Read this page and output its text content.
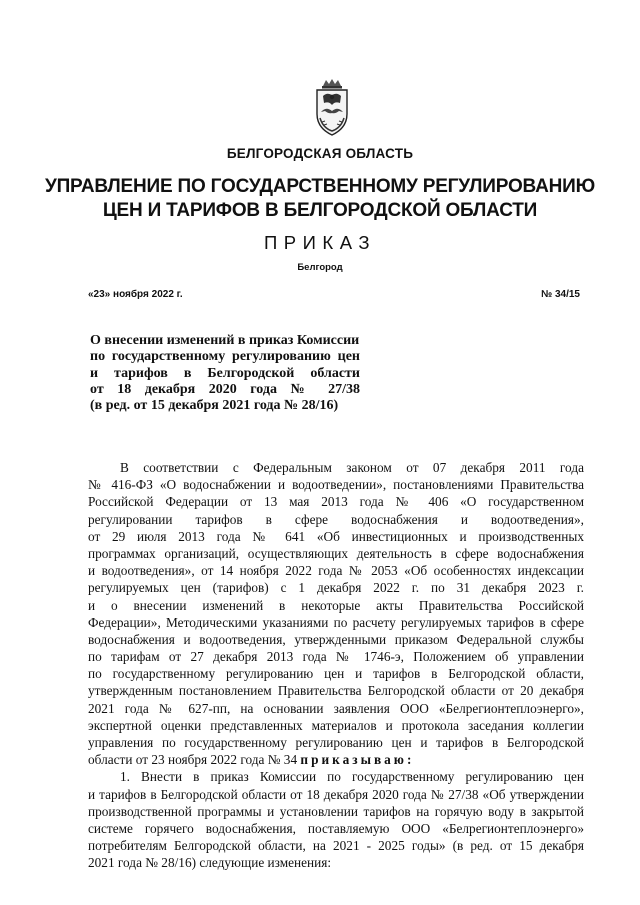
БЕЛГОРОДСКАЯ ОБЛАСТЬ
УПРАВЛЕНИЕ ПО ГОСУДАРСТВЕННОМУ РЕГУЛИРОВАНИЮ
ЦЕН И ТАРИФОВ В БЕЛГОРОДСКОЙ ОБЛАСТИ
ПРИКАЗ
Белгород
«23» ноября 2022 г.	№ 34/15
О внесении изменений в приказ Комиссии
по государственному регулированию цен
и тарифов в Белгородской области
от 18 декабря 2020 года № 27/38
(в ред. от 15 декабря 2021 года № 28/16)
В соответствии с Федеральным законом от 07 декабря 2011 года
№ 416-ФЗ «О водоснабжении и водоотведении», постановлениями Правительства
Российской Федерации от 13 мая 2013 года № 406 «О государственном
регулировании тарифов в сфере водоснабжения и водоотведения»,
от 29 июля 2013 года № 641 «Об инвестиционных и производственных
программах организаций, осуществляющих деятельность в сфере водоснабжения
и водоотведения», от 14 ноября 2022 года № 2053 «Об особенностях индексации
регулируемых цен (тарифов) с 1 декабря 2022 г. по 31 декабря 2023 г.
и о внесении изменений в некоторые акты Правительства Российской
Федерации», Методическими указаниями по расчету регулируемых тарифов в сфере
водоснабжения и водоотведения, утвержденными приказом Федеральной службы
по тарифам от 27 декабря 2013 года № 1746-э, Положением об управлении
по государственному регулированию цен и тарифов в Белгородской области,
утвержденным постановлением Правительства Белгородской области от 20 декабря
2021 года № 627-пп, на основании заявления ООО «Белрегионтеплоэнерго»,
экспертной оценки представленных материалов и протокола заседания коллегии
управления по государственному регулированию цен и тарифов в Белгородской
области от 23 ноября 2022 года № 34 приказываю:
1. Внести в приказ Комиссии по государственному регулированию цен
и тарифов в Белгородской области от 18 декабря 2020 года № 27/38 «Об утверждении
производственной программы и установлении тарифов на горячую воду в закрытой
системе горячего водоснабжения, поставляемую ООО «Белрегионтеплоэнерго»
потребителям Белгородской области, на 2021 - 2025 годы» (в ред. от 15 декабря
2021 года № 28/16) следующие изменения:
